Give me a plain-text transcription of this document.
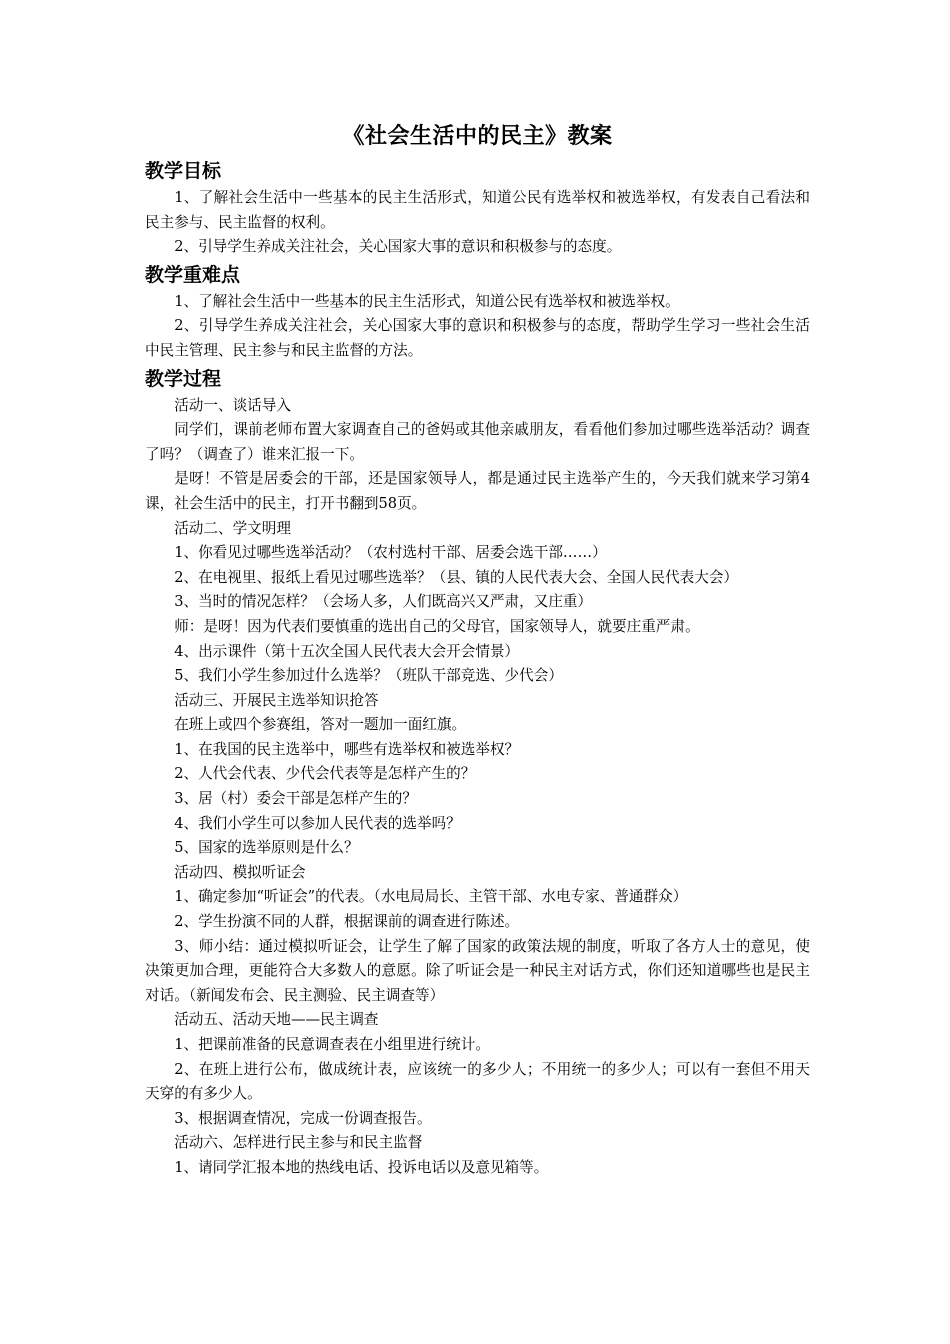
《社会生活中的民主》教案
教学目标
1、了解社会生活中一些基本的民主生活形式，知道公民有选举权和被选举权，有发表自己看法和民主参与、民主监督的权利。
2、引导学生养成关注社会，关心国家大事的意识和积极参与的态度。
教学重难点
1、了解社会生活中一些基本的民主生活形式，知道公民有选举权和被选举权。
2、引导学生养成关注社会，关心国家大事的意识和积极参与的态度，帮助学生学习一些社会生活中民主管理、民主参与和民主监督的方法。
教学过程
活动一、谈话导入
同学们，课前老师布置大家调查自己的爸妈或其他亲戚朋友，看看他们参加过哪些选举活动？调查了吗？（调查了）谁来汇报一下。
是呀！不管是居委会的干部，还是国家领导人，都是通过民主选举产生的，今天我们就来学习第4课，社会生活中的民主，打开书翻到58页。
活动二、学文明理
1、你看见过哪些选举活动？（农村选村干部、居委会选干部……）
2、在电视里、报纸上看见过哪些选举？（县、镇的人民代表大会、全国人民代表大会）
3、当时的情况怎样？（会场人多，人们既高兴又严肃，又庄重）
师：是呀！因为代表们要慎重的选出自己的父母官，国家领导人，就要庄重严肃。
4、出示课件（第十五次全国人民代表大会开会情景）
5、我们小学生参加过什么选举？（班队干部竞选、少代会）
活动三、开展民主选举知识抢答
在班上或四个参赛组，答对一题加一面红旗。
1、在我国的民主选举中，哪些有选举权和被选举权？
2、人代会代表、少代会代表等是怎样产生的？
3、居（村）委会干部是怎样产生的？
4、我们小学生可以参加人民代表的选举吗？
5、国家的选举原则是什么？
活动四、模拟听证会
1、确定参加“听证会”的代表。（水电局局长、主管干部、水电专家、普通群众）
2、学生扮演不同的人群，根据课前的调查进行陈述。
3、师小结：通过模拟听证会，让学生了解了国家的政策法规的制度，听取了各方人士的意见，使决策更加合理，更能符合大多数人的意愿。除了听证会是一种民主对话方式，你们还知道哪些也是民主对话。（新闻发布会、民主测验、民主调查等）
活动五、活动天地——民主调查
1、把课前准备的民意调查表在小组里进行统计。
2、在班上进行公布，做成统计表，应该统一的多少人；不用统一的多少人；可以有一套但不用天天穿的有多少人。
3、根据调查情况，完成一份调查报告。
活动六、怎样进行民主参与和民主监督
1、请同学汇报本地的热线电话、投诉电话以及意见箱等。
